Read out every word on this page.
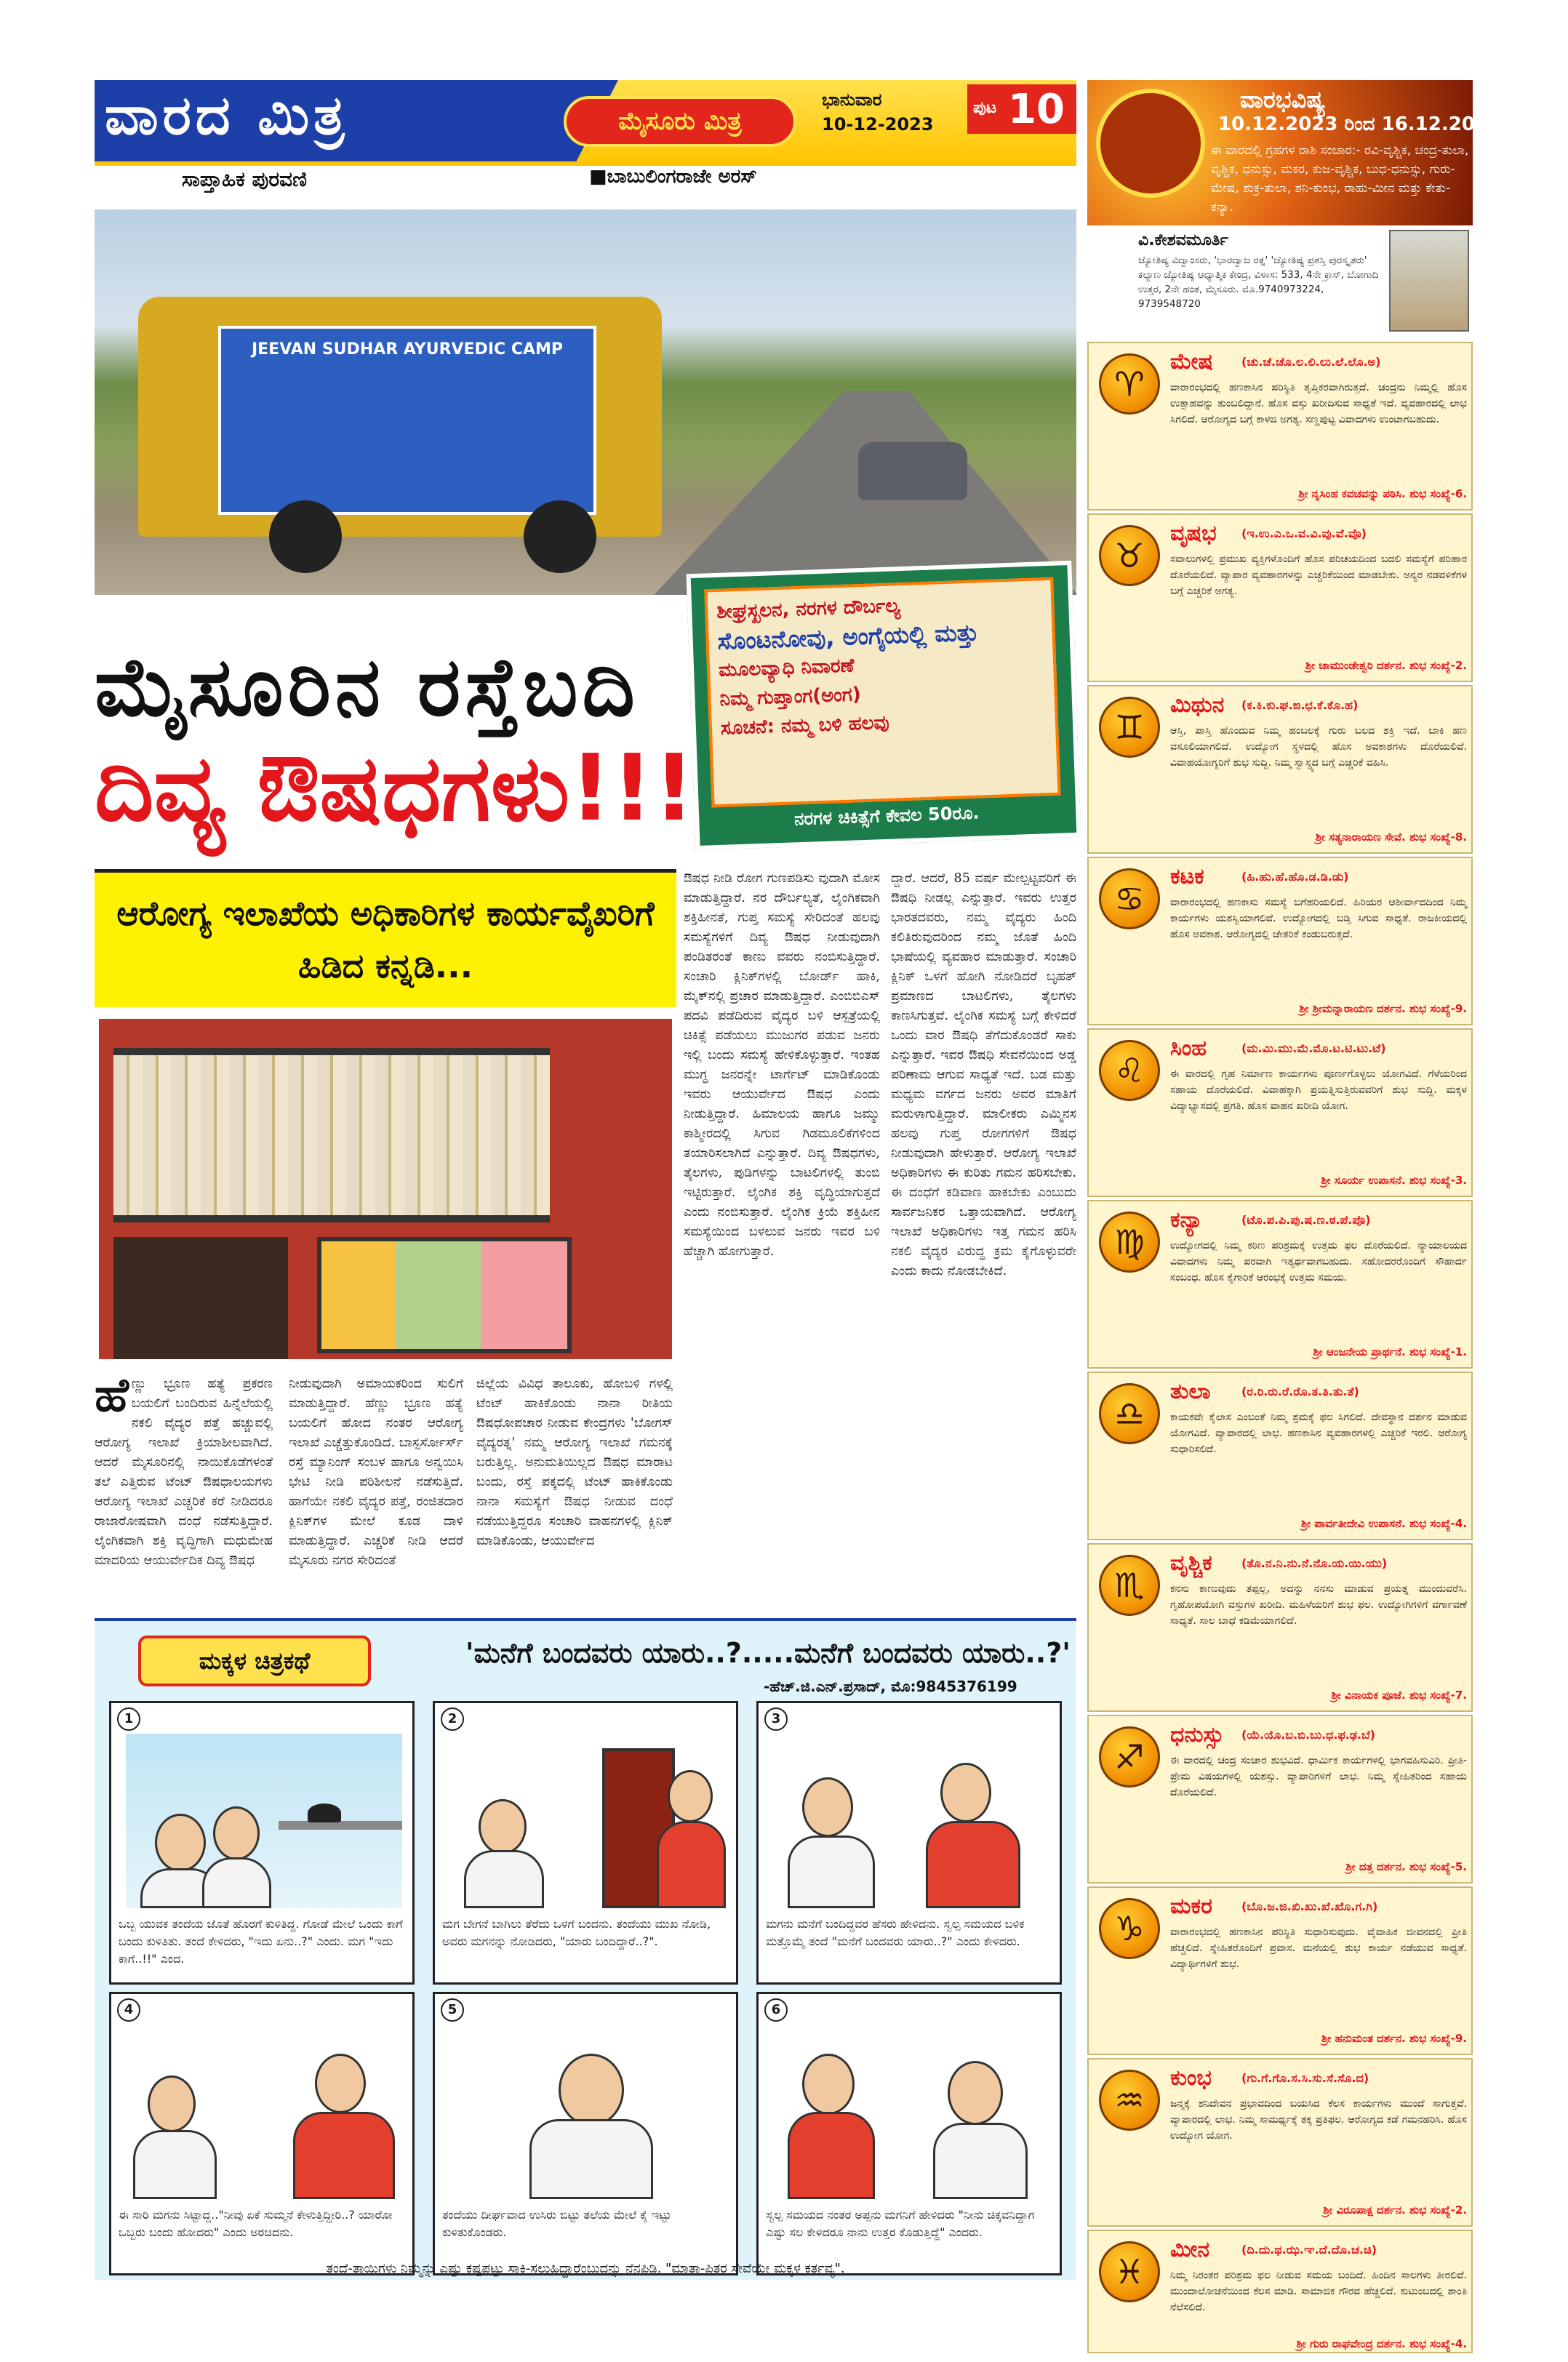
ವಾರದ ಮಿತ್ರ
ಸಾಪ್ತಾಹಿಕ ಪುರವಣಿ
ಮೈಸೂರು ಮಿತ್ರ
ಭಾನುವಾರ
10-12-2023
ಪುಟ 10
■ಬಾಬುಲಿಂಗರಾಜೇ ಅರಸ್
JEEVAN SUDHAR AYURVEDIC CAMP
ಶೀಘ್ರಸ್ಖಲನ, ನರಗಳ ದೌರ್ಬಲ್ಯ
ಸೊಂಟನೋವು, ಅಂಗೈಯಲ್ಲಿ ಮತ್ತು
ಮೂಲವ್ಯಾಧಿ ನಿವಾರಣೆ
ನಿಮ್ಮ ಗುಪ್ತಾಂಗ(ಅಂಗ)
ಸೂಚನೆ: ನಮ್ಮ ಬಳಿ ಹಲವು
ನರಗಳ ಚಿಕಿತ್ಸೆಗೆ ಕೇವಲ 50ರೂ.
ಮೈಸೂರಿನ ರಸ್ತೆಬದಿ
ದಿವ್ಯ ಔಷಧಗಳು!!!
ಆರೋಗ್ಯ ಇಲಾಖೆಯ ಅಧಿಕಾರಿಗಳ ಕಾರ್ಯವೈಖರಿಗೆ ಹಿಡಿದ ಕನ್ನಡಿ...
ಹೆಣ್ಣು ಭ್ರೂಣ ಹತ್ಯೆ ಪ್ರಕರಣ ಬಯಲಿಗೆ ಬಂದಿರುವ ಹಿನ್ನೆಲೆಯಲ್ಲಿ ನಕಲಿ ವೈದ್ಯರ ಪತ್ತೆ ಹಚ್ಚುವಲ್ಲಿ ಆರೋಗ್ಯ ಇಲಾಖೆ ಕ್ರಿಯಾಶೀಲವಾಗಿದೆ. ಆದರೆ ಮೈಸೂರಿನಲ್ಲಿ ನಾಯಿಕೊಡೆಗಳಂತೆ ತಲೆ ಎತ್ತಿರುವ ಟೆಂಟ್ ಔಷಧಾಲಯಗಳು ಆರೋಗ್ಯ ಇಲಾಖೆ ಎಚ್ಚರಿಕೆ ಕರೆ ನೀಡಿದರೂ ರಾಜಾರೋಷವಾಗಿ ದಂಧೆ ನಡೆಸುತ್ತಿದ್ದಾರೆ. ಲೈಂಗಿಕವಾಗಿ ಶಕ್ತಿ ವೃದ್ಧಿಗಾಗಿ ಮಧುಮೇಹ ಮಾದರಿಯ ಆಯುರ್ವೇದಿಕ ದಿವ್ಯ ಔಷಧ
ನೀಡುವುದಾಗಿ ಅಮಾಯಕರಿಂದ ಸುಲಿಗೆ ಮಾಡುತ್ತಿದ್ದಾರೆ. ಹೆಣ್ಣು ಭ್ರೂಣ ಹತ್ಯೆ ಬಯಲಿಗೆ ಹೋದ ನಂತರ ಆರೋಗ್ಯ ಇಲಾಖೆ ಎಚ್ಚೆತ್ತುಕೊಂಡಿದೆ. ಬಾಸ್ಪರ್ಸೋರ್ಸ್ ರಸ್ತೆ ಮ್ಯಾನಿಂಗ್ ಸಂಬಳ ಹಾಗೂ ಅನ್ವಯಿಸಿ ಭೇಟಿ ನೀಡಿ ಪರಿಶೀಲನೆ ನಡೆಸುತ್ತಿದೆ. ಹಾಗೆಯೇ ನಕಲಿ ವೈದ್ಯರ ಪತ್ತೆ, ರಂಜಿತದಾರ ಕ್ಲಿನಿಕ್‌ಗಳ ಮೇಲೆ ಕೂಡ ದಾಳಿ ಮಾಡುತ್ತಿದ್ದಾರೆ. ಎಚ್ಚರಿಕೆ ನೀಡಿ ಆದರೆ ಮೈಸೂರು ನಗರ ಸೇರಿದಂತೆ
ಜಿಲ್ಲೆಯ ವಿವಿಧ ತಾಲೂಕು, ಹೋಬಳಿ ಗಳಲ್ಲಿ ಟೆಂಟ್ ಹಾಕಿಕೊಂಡು ನಾನಾ ರೀತಿಯ ಔಷಧೋಪಚಾರ ನೀಡುವ ಕೇಂದ್ರಗಳು 'ಬೋಗಸ್ ವೈದ್ಯರತ್ನ' ನಮ್ಮ ಆರೋಗ್ಯ ಇಲಾಖೆ ಗಮನಕ್ಕೆ ಬರುತ್ತಿಲ್ಲ. ಅನುಮತಿಯಿಲ್ಲದ ಔಷಧ ಮಾರಾಟ ಬಂದು, ರಸ್ತೆ ಪಕ್ಕದಲ್ಲಿ ಟೆಂಟ್ ಹಾಕಿಕೊಂಡು ನಾನಾ ಸಮಸ್ಯೆಗೆ ಔಷಧ ನೀಡುವ ದಂಧೆ ನಡೆಯುತ್ತಿದ್ದರೂ ಸಂಚಾರಿ ವಾಹನಗಳಲ್ಲಿ ಕ್ಲಿನಿಕ್ ಮಾಡಿಕೊಂಡು, ಆಯುರ್ವೇದ
ಔಷಧ ನೀಡಿ ರೋಗ ಗುಣಪಡಿಸು ವುದಾಗಿ ಮೋಸ ಮಾಡುತ್ತಿದ್ದಾರೆ. ನರ ದೌರ್ಬಲ್ಯತೆ, ಲೈಂಗಿಕವಾಗಿ ಶಕ್ತಿಹೀನತೆ, ಗುಪ್ತ ಸಮಸ್ಯೆ ಸೇರಿದಂತೆ ಹಲವು ಸಮಸ್ಯೆಗಳಿಗೆ ದಿವ್ಯ ಔಷಧ ನೀಡುವುದಾಗಿ ಪಂಡಿತರಂತೆ ಕಾಣು ವವರು ನಂಬಿಸುತ್ತಿದ್ದಾರೆ. ಸಂಚಾರಿ ಕ್ಲಿನಿಕ್‌ಗಳಲ್ಲಿ ಬೋರ್ಡ್ ಹಾಕಿ, ಮೈಕ್‌ನಲ್ಲಿ ಪ್ರಚಾರ ಮಾಡುತ್ತಿದ್ದಾರೆ. ಎಂಬಿಬಿಎಸ್ ಪದವಿ ಪಡೆದಿರುವ ವೈದ್ಯರ ಬಳಿ ಆಸ್ಪತ್ರೆಯಲ್ಲಿ ಚಿಕಿತ್ಸೆ ಪಡೆಯಲು ಮುಜುಗರ ಪಡುವ ಜನರು ಇಲ್ಲಿ ಬಂದು ಸಮಸ್ಯೆ ಹೇಳಿಕೊಳ್ಳುತ್ತಾರೆ. ಇಂತಹ ಮುಗ್ಧ ಜನರನ್ನೇ ಟಾರ್ಗೆಟ್ ಮಾಡಿಕೊಂಡು ಇವರು ಆಯುರ್ವೇದ ಔಷಧ ಎಂದು ನೀಡುತ್ತಿದ್ದಾರೆ. ಹಿಮಾಲಯ ಹಾಗೂ ಜಮ್ಮು ಕಾಶ್ಮೀರದಲ್ಲಿ ಸಿಗುವ ಗಿಡಮೂಲಿಕೆಗಳಿಂದ ತಯಾರಿಸಲಾಗಿದೆ ಎನ್ನುತ್ತಾರೆ. ದಿವ್ಯ ಔಷಧಗಳು, ತೈಲಗಳು, ಪುಡಿಗಳನ್ನು ಬಾಟಲಿಗಳಲ್ಲಿ ತುಂಬಿ ಇಟ್ಟಿರುತ್ತಾರೆ. ಲೈಂಗಿಕ ಶಕ್ತಿ ವೃದ್ಧಿಯಾಗುತ್ತದೆ ಎಂದು ನಂಬಿಸುತ್ತಾರೆ. ಲೈಂಗಿಕ ಕ್ರಿಯೆ ಶಕ್ತಿಹೀನ ಸಮಸ್ಯೆಯಿಂದ ಬಳಲುವ ಜನರು ಇವರ ಬಳಿ ಹೆಚ್ಚಾಗಿ ಹೋಗುತ್ತಾರೆ.
ದ್ದಾರೆ. ಆದರೆ, 85 ವರ್ಷ ಮೇಲ್ಪಟ್ಟವರಿಗೆ ಈ ಔಷಧಿ ನೀಡಲ್ಲ ಎನ್ನುತ್ತಾರೆ. ಇವರು ಉತ್ತರ ಭಾರತದವರು, ನಮ್ಮ ವೈದ್ಯರು ಹಿಂದಿ ಕಲಿತಿರುವುದರಿಂದ ನಮ್ಮ ಜೊತೆ ಹಿಂದಿ ಭಾಷೆಯಲ್ಲಿ ವ್ಯವಹಾರ ಮಾಡುತ್ತಾರೆ. ಸಂಚಾರಿ ಕ್ಲಿನಿಕ್ ಒಳಗೆ ಹೋಗಿ ನೋಡಿದರೆ ಬೃಹತ್ ಪ್ರಮಾಣದ ಬಾಟಲಿಗಳು, ತೈಲಗಳು ಕಾಣಸಿಗುತ್ತವೆ. ಲೈಂಗಿಕ ಸಮಸ್ಯೆ ಬಗ್ಗೆ ಕೇಳಿದರೆ ಒಂದು ವಾರ ಔಷಧಿ ತೆಗೆದುಕೊಂಡರೆ ಸಾಕು ಎನ್ನುತ್ತಾರೆ. ಇವರ ಔಷಧಿ ಸೇವನೆಯಿಂದ ಅಡ್ಡ ಪರಿಣಾಮ ಆಗುವ ಸಾಧ್ಯತೆ ಇದೆ. ಬಡ ಮತ್ತು ಮಧ್ಯಮ ವರ್ಗದ ಜನರು ಅವರ ಮಾತಿಗೆ ಮರುಳಾಗುತ್ತಿದ್ದಾರೆ. ಮಾಲೀಕರು ಎಮ್ಮಿನಸ ಹಲವು ಗುಪ್ತ ರೋಗಗಳಿಗೆ ಔಷಧ ನೀಡುವುದಾಗಿ ಹೇಳುತ್ತಾರೆ. ಆರೋಗ್ಯ ಇಲಾಖೆ ಅಧಿಕಾರಿಗಳು ಈ ಕುರಿತು ಗಮನ ಹರಿಸಬೇಕು. ಈ ದಂಧೆಗೆ ಕಡಿವಾಣ ಹಾಕಬೇಕು ಎಂಬುದು ಸಾರ್ವಜನಿಕರ ಒತ್ತಾಯವಾಗಿದೆ. ಆರೋಗ್ಯ ಇಲಾಖೆ ಅಧಿಕಾರಿಗಳು ಇತ್ತ ಗಮನ ಹರಿಸಿ ನಕಲಿ ವೈದ್ಯರ ವಿರುದ್ಧ ಕ್ರಮ ಕೈಗೊಳ್ಳುವರೇ ಎಂದು ಕಾದು ನೋಡಬೇಕಿದೆ.
ಮಕ್ಕಳ ಚಿತ್ರಕಥೆ	'ಮನೆಗೆ ಬಂದವರು ಯಾರು..?.....ಮನೆಗೆ ಬಂದವರು ಯಾರು..?'
-ಹೆಚ್.ಜಿ.ಎನ್.ಪ್ರಸಾದ್, ಮೊ:9845376199
1
ಒಬ್ಬ ಯುವಕ ತಂದೆಯ ಜೊತೆ ಹೊರಗೆ ಕುಳಿತಿದ್ದ. ಗೋಡೆ ಮೇಲೆ ಒಂದು ಕಾಗೆ ಬಂದು ಕುಳಿತಿತು. ತಂದೆ ಕೇಳಿದರು, "ಇದು ಏನು..?" ಎಂದು. ಮಗ "ಇದು ಕಾಗೆ..!!" ಎಂದ.
2
ಮಗ ಬೇಗನೆ ಬಾಗಿಲು ತೆರೆದು ಒಳಗೆ ಬಂದನು. ತಂದೆಯು ಮುಖ ನೋಡಿ, ಅವರು ಮಗನನ್ನು ನೋಡಿದರು, "ಯಾರು ಬಂದಿದ್ದಾರೆ..?".
3
ಮಗನು ಮನೆಗೆ ಬಂದಿದ್ದವರ ಹೆಸರು ಹೇಳಿದನು. ಸ್ವಲ್ಪ ಸಮಯದ ಬಳಿಕ ಮತ್ತೊಮ್ಮೆ ತಂದೆ "ಮನೆಗೆ ಬಂದವರು ಯಾರು..?" ಎಂದು ಕೇಳಿದರು.
4
ಈ ಸಾರಿ ಮಗನು ಸಿಟ್ಟಾದ್ದ.."ನೀವು ಏಕೆ ಸುಮ್ಮನೆ ಕೇಳುತ್ತಿದ್ದೀರಿ..? ಯಾರೋ ಒಬ್ಬರು ಬಂದು ಹೋದರು" ಎಂದು ಅರಚಿದನು.
5
ತಂದೆಯು ದೀರ್ಘವಾದ ಉಸಿರು ಬಿಟ್ಟು ತಲೆಯ ಮೇಲೆ ಕೈ ಇಟ್ಟು ಕುಳಿತುಕೊಂಡರು.
6
ಸ್ವಲ್ಪ ಸಮಯದ ನಂತರ ಅಪ್ಪನು ಮಗನಿಗೆ ಹೇಳಿದರು "ನೀನು ಚಿಕ್ಕವನಿದ್ದಾಗ ಎಷ್ಟು ಸಲ ಕೇಳಿದರೂ ನಾನು ಉತ್ತರ ಕೊಡುತ್ತಿದ್ದೆ" ಎಂದರು.
ತಂದೆ-ತಾಯಿಗಳು ನಿಮ್ಮನ್ನು ಎಷ್ಟು ಕಷ್ಟಪಟ್ಟು ಸಾಕಿ-ಸಲುಹಿದ್ದಾರೆಂಬುದನ್ನು ನೆನಪಿಡಿ. "ಮಾತಾ-ಪಿತರ ಸೇವೆಯೇ ಮಕ್ಕಳ ಕರ್ತವ್ಯ".
ವಾರಭವಿಷ್ಯ
10.12.2023 ರಿಂದ 16.12.2023
ಈ ವಾರದಲ್ಲಿ ಗ್ರಹಗಳ ರಾಶಿ ಸಂಚಾರ:- ರವಿ-ವೃಶ್ಚಿಕ, ಚಂದ್ರ-ತುಲಾ, ವೃಶ್ಚಿಕ, ಧನುಸ್ಸು, ಮಕರ, ಕುಜ-ವೃಶ್ಚಿಕ, ಬುಧ-ಧನುಸ್ಸು, ಗುರು-ಮೇಷ, ಶುಕ್ರ-ತುಲಾ, ಶನಿ-ಕುಂಭ, ರಾಹು-ಮೀನ ಮತ್ತು ಕೇತು-ಕನ್ಯಾ.
ವಿ.ಕೇಶವಮೂರ್ತಿ
ಜ್ಯೋತಿಷ್ಯ ವಿದ್ವಾಂಸರು, 'ಭಾರದ್ವಾಜ ರತ್ನ' 'ಜ್ಯೋತಿಷ್ಯ ಪ್ರಶಸ್ತಿ ಪುರಸ್ಕೃತರು' ಕಲ್ಯಾಣ ಜ್ಯೋತಿಷ್ಯ ಆಧ್ಯಾತ್ಮಿಕ ಕೇಂದ್ರ, ವಿಳಾಸ: 533, 4ನೇ ಕ್ರಾಸ್, ಬೋಗಾದಿ ಉತ್ತರ, 2ನೇ ಹಂತ, ಮೈಸೂರು. ಮೊ.9740973224, 9739548720
♈
ಮೇಷ (ಚು.ಚೆ.ಚೊ.ಲ.ಲಿ.ಲು.ಲೆ.ಲೊ.ಅ)
ವಾರಾರಂಭದಲ್ಲಿ ಹಣಕಾಸಿನ ಪರಿಸ್ಥಿತಿ ತೃಪ್ತಿಕರವಾಗಿರುತ್ತದೆ. ಚಂದ್ರನು ನಿಮ್ಮಲ್ಲಿ ಹೊಸ ಉತ್ಸಾಹವನ್ನು ತುಂಬಲಿದ್ದಾನೆ. ಹೊಸ ವಸ್ತು ಖರೀದಿಸುವ ಸಾಧ್ಯತೆ ಇದೆ. ವ್ಯವಹಾರದಲ್ಲಿ ಲಾಭ ಸಿಗಲಿದೆ. ಆರೋಗ್ಯದ ಬಗ್ಗೆ ಕಾಳಜಿ ಅಗತ್ಯ. ಸಣ್ಣಪುಟ್ಟ ವಿವಾದಗಳು ಉಂಟಾಗಬಹುದು.
ಶ್ರೀ ನೃಸಿಂಹ ಕವಚವನ್ನು ಪಠಿಸಿ. ಶುಭ ಸಂಖ್ಯೆ-6.
♉
ವೃಷಭ (ಇ.ಉ.ಎ.ಒ.ವ.ವಿ.ವು.ವೆ.ವೊ)
ಸವಾಲುಗಳಲ್ಲಿ ಪ್ರಮುಖ ವ್ಯಕ್ತಿಗಳೊಂದಿಗೆ ಹೊಸ ಪರಿಚಯದಿಂದ ಬದಲಿ ಸಮಸ್ಯೆಗೆ ಪರಿಹಾರ ದೊರೆಯಲಿದೆ. ವ್ಯಾಪಾರ ವ್ಯವಹಾರಗಳನ್ನು ಎಚ್ಚರಿಕೆಯಿಂದ ಮಾಡಬೇಕು. ಅನ್ಯರ ನಡವಳಿಕೆಗಳ ಬಗ್ಗೆ ಎಚ್ಚರಿಕೆ ಅಗತ್ಯ.
ಶ್ರೀ ಚಾಮುಂಡೇಶ್ವರಿ ದರ್ಶನ. ಶುಭ ಸಂಖ್ಯೆ-2.
♊
ಮಿಥುನ (ಕ.ಕಿ.ಕು.ಘ.ಙ.ಛ.ಕೆ.ಕೊ.ಹ)
ಆಸ್ತಿ, ಪಾಸ್ತಿ ಹೊಂದುವ ನಿಮ್ಮ ಹಂಬಲಕ್ಕೆ ಗುರು ಬಲದ ಶಕ್ತಿ ಇದೆ. ಬಾಕಿ ಹಣ ವಸೂಲಿಯಾಗಲಿದೆ. ಉದ್ಯೋಗ ಸ್ಥಳದಲ್ಲಿ ಹೊಸ ಅವಕಾಶಗಳು ದೊರೆಯಲಿವೆ. ವಿವಾಹಯೋಗ್ಯರಿಗೆ ಶುಭ ಸುದ್ದಿ. ನಿಮ್ಮ ಸ್ವಾಸ್ಥ್ಯದ ಬಗ್ಗೆ ಎಚ್ಚರಿಕೆ ವಹಿಸಿ.
ಶ್ರೀ ಸತ್ಯನಾರಾಯಣ ಸೇವೆ. ಶುಭ ಸಂಖ್ಯೆ-8.
♋
ಕಟಕ	(ಹಿ.ಹು.ಹೆ.ಹೊ.ಡ.ಡಿ.ಡು)
ವಾರಾರಂಭದಲ್ಲಿ ಹಣಕಾಸು ಸಮಸ್ಯೆ ಬಗೆಹರಿಯಲಿದೆ. ಹಿರಿಯರ ಆಶೀರ್ವಾದದಿಂದ ನಿಮ್ಮ ಕಾರ್ಯಗಳು ಯಶಸ್ವಿಯಾಗಲಿವೆ. ಉದ್ಯೋಗದಲ್ಲಿ ಬಡ್ತಿ ಸಿಗುವ ಸಾಧ್ಯತೆ. ರಾಜಕೀಯದಲ್ಲಿ ಹೊಸ ಅವಕಾಶ. ಆರೋಗ್ಯದಲ್ಲಿ ಚೇತರಿಕೆ ಕಂಡುಬರುತ್ತದೆ.
ಶ್ರೀ ಶ್ರೀಮನ್ನಾರಾಯಣ ದರ್ಶನ. ಶುಭ ಸಂಖ್ಯೆ-9.
♌
ಸಿಂಹ	(ಮ.ಮಿ.ಮು.ಮೆ.ಮೊ.ಟ.ಟಿ.ಟು.ಟೆ)
ಈ ವಾರದಲ್ಲಿ ಗೃಹ ನಿರ್ಮಾಣ ಕಾರ್ಯಗಳು ಪೂರ್ಣಗೊಳ್ಳಲು ಯೋಗವಿದೆ. ಗೆಳೆಯರಿಂದ ಸಹಾಯ ದೊರೆಯಲಿದೆ. ವಿವಾಹಕ್ಕಾಗಿ ಪ್ರಯತ್ನಿಸುತ್ತಿರುವವರಿಗೆ ಶುಭ ಸುದ್ದಿ. ಮಕ್ಕಳ ವಿದ್ಯಾಭ್ಯಾಸದಲ್ಲಿ ಪ್ರಗತಿ. ಹೊಸ ವಾಹನ ಖರೀದಿ ಯೋಗ.
ಶ್ರೀ ಸೂರ್ಯ ಉಪಾಸನೆ. ಶುಭ ಸಂಖ್ಯೆ-3.
♍
ಕನ್ಯಾ	(ಟೊ.ಪ.ಪಿ.ಪು.ಷ.ಣ.ಠ.ಪೆ.ಪೊ)
ಉದ್ಯೋಗದಲ್ಲಿ ನಿಮ್ಮ ಕಠಿಣ ಪರಿಶ್ರಮಕ್ಕೆ ಉತ್ತಮ ಫಲ ದೊರೆಯಲಿದೆ. ನ್ಯಾಯಾಲಯದ ವಿವಾದಗಳು ನಿಮ್ಮ ಪರವಾಗಿ ಇತ್ಯರ್ಥವಾಗಬಹುದು. ಸಹೋದರರೊಂದಿಗೆ ಸೌಹಾರ್ದ ಸಂಬಂಧ. ಹೊಸ ಕೈಗಾರಿಕೆ ಆರಂಭಕ್ಕೆ ಉತ್ತಮ ಸಮಯ.
ಶ್ರೀ ಆಂಜನೇಯ ಪ್ರಾರ್ಥನೆ. ಶುಭ ಸಂಖ್ಯೆ-1.
♎
ತುಲಾ	(ರ.ರಿ.ರು.ರೆ.ರೊ.ತ.ತಿ.ತು.ತೆ)
ಕಾಯಕವೇ ಕೈಲಾಸ ಎಂಬಂತೆ ನಿಮ್ಮ ಶ್ರಮಕ್ಕೆ ಫಲ ಸಿಗಲಿದೆ. ದೇವಸ್ಥಾನ ದರ್ಶನ ಮಾಡುವ ಯೋಗವಿದೆ. ವ್ಯಾಪಾರದಲ್ಲಿ ಲಾಭ. ಹಣಕಾಸಿನ ವ್ಯವಹಾರಗಳಲ್ಲಿ ಎಚ್ಚರಿಕೆ ಇರಲಿ. ಆರೋಗ್ಯ ಸುಧಾರಿಸಲಿದೆ.
ಶ್ರೀ ಪಾರ್ವತೀದೇವಿ ಉಪಾಸನೆ. ಶುಭ ಸಂಖ್ಯೆ-4.
♏
ವೃಶ್ಚಿಕ	(ತೊ.ನ.ನಿ.ನು.ನೆ.ನೊ.ಯ.ಯಿ.ಯು)
ಕನಸು ಕಾಣುವುದು ತಪ್ಪಲ್ಲ, ಅದನ್ನು ನನಸು ಮಾಡುವ ಪ್ರಯತ್ನ ಮುಂದುವರೆಸಿ. ಗೃಹೋಪಯೋಗಿ ವಸ್ತುಗಳ ಖರೀದಿ. ಮಹಿಳೆಯರಿಗೆ ಶುಭ ಫಲ. ಉದ್ಯೋಗಿಗಳಿಗೆ ವರ್ಗಾವಣೆ ಸಾಧ್ಯತೆ. ಸಾಲ ಬಾಧೆ ಕಡಿಮೆಯಾಗಲಿದೆ.
ಶ್ರೀ ವಿನಾಯಕ ಪೂಜೆ. ಶುಭ ಸಂಖ್ಯೆ-7.
♐
ಧನುಸ್ಸು (ಯೆ.ಯೊ.ಬ.ಬಿ.ಬು.ಧ.ಫ.ಢ.ಬೆ)
ಈ ವಾರದಲ್ಲಿ ಚಂದ್ರ ಸಂಚಾರ ಶುಭವಿದೆ. ಧಾರ್ಮಿಕ ಕಾರ್ಯಗಳಲ್ಲಿ ಭಾಗವಹಿಸುವಿರಿ. ಪ್ರೀತಿ-ಪ್ರೇಮ ವಿಷಯಗಳಲ್ಲಿ ಯಶಸ್ಸು. ವ್ಯಾಪಾರಿಗಳಿಗೆ ಲಾಭ. ನಿಮ್ಮ ಸ್ನೇಹಿತರಿಂದ ಸಹಾಯ ದೊರೆಯಲಿದೆ.
ಶ್ರೀ ದತ್ತ ದರ್ಶನ. ಶುಭ ಸಂಖ್ಯೆ-5.
♑
ಮಕರ	(ಬೊ.ಜ.ಜಿ.ಖಿ.ಖು.ಖೆ.ಖೊ.ಗ.ಗಿ)
ವಾರಾರಂಭದಲ್ಲಿ ಹಣಕಾಸಿನ ಪರಿಸ್ಥಿತಿ ಸುಧಾರಿಸುವುದು. ವೈವಾಹಿಕ ಜೀವನದಲ್ಲಿ ಪ್ರೀತಿ ಹೆಚ್ಚಲಿದೆ. ಸ್ನೇಹಿತರೊಂದಿಗೆ ಪ್ರವಾಸ. ಮನೆಯಲ್ಲಿ ಶುಭ ಕಾರ್ಯ ನಡೆಯುವ ಸಾಧ್ಯತೆ. ವಿದ್ಯಾರ್ಥಿಗಳಿಗೆ ಶುಭ.
ಶ್ರೀ ಹನುಮಂತ ದರ್ಶನ. ಶುಭ ಸಂಖ್ಯೆ-9.
♒
ಕುಂಭ	(ಗು.ಗೆ.ಗೊ.ಸ.ಸಿ.ಸು.ಸೆ.ಸೊ.ದ)
ಜನ್ಮಕ್ಕೆ ಶನಿದೇವನ ಪ್ರಭಾವದಿಂದ ಬಯಸಿದ ಕೆಲಸ ಕಾರ್ಯಗಳು ಮುಂದೆ ಸಾಗುತ್ತವೆ. ವ್ಯಾಪಾರದಲ್ಲಿ ಲಾಭ. ನಿಮ್ಮ ಸಾಮರ್ಥ್ಯಕ್ಕೆ ತಕ್ಕ ಪ್ರತಿಫಲ. ಆರೋಗ್ಯದ ಕಡೆ ಗಮನಹರಿಸಿ. ಹೊಸ ಉದ್ಯೋಗ ಯೋಗ.
ಶ್ರೀ ವಿರೂಪಾಕ್ಷ ದರ್ಶನ. ಶುಭ ಸಂಖ್ಯೆ-2.
♓
ಮೀನ	(ದಿ.ದು.ಥ.ಝ.ಞ.ದೆ.ದೊ.ಚ.ಚಿ)
ನಿಮ್ಮ ನಿರಂತರ ಪರಿಶ್ರಮ ಫಲ ನೀಡುವ ಸಮಯ ಬಂದಿದೆ. ಹಿಂದಿನ ಸಾಲಗಳು ತೀರಲಿವೆ. ಮುಂದಾಲೋಚನೆಯಿಂದ ಕೆಲಸ ಮಾಡಿ. ಸಾಮಾಜಿಕ ಗೌರವ ಹೆಚ್ಚಲಿದೆ. ಕುಟುಂಬದಲ್ಲಿ ಶಾಂತಿ ನೆಲೆಸಲಿದೆ.
ಶ್ರೀ ಗುರು ರಾಘವೇಂದ್ರ ದರ್ಶನ. ಶುಭ ಸಂಖ್ಯೆ-4.
